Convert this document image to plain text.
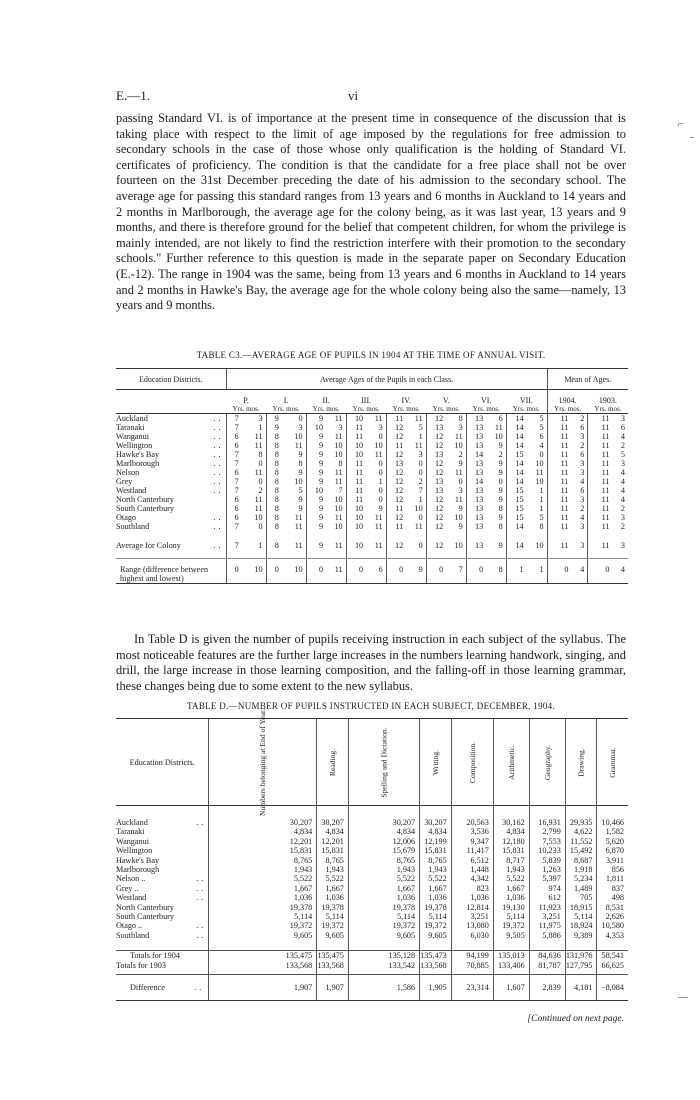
E.—1.	vi

passing Standard VI. is of importance at the present time in consequence of the discussion that is taking place with respect to the limit of age imposed by the regulations for free admission to secondary schools in the case of those whose only qualification is the holding of Standard VI. certificates of proficiency. The condition is that the candidate for a free place shall not be over fourteen on the 31st December preceding the date of his admission to the secondary school. The average age for passing this standard ranges from 13 years and 6 months in Auckland to 14 years and 2 months in Marlborough, the average age for the colony being, as it was last year, 13 years and 9 months, and there is therefore ground for the belief that competent children, for whom the privilege is mainly intended, are not likely to find the restriction interfere with their promotion to the secondary schools." Further reference to this question is made in the separate paper on Secondary Education (E.-12). The range in 1904 was the same, being from 13 years and 6 months in Auckland to 14 years and 2 months in Hawke's Bay, the average age for the whole colony being also the same—namely, 13 years and 9 months.

TABLE C3.—AVERAGE AGE OF PUPILS IN 1904 AT THE TIME OF ANNUAL VISIT.
Education Districts.		Average Ages of the Pupils in each Class.																Mean of Ages.			
		P.		I.		II.		III.		IV.		V.		VI.		VII.		1904.		1903.	
		Yrs. mos.		Yrs. mos.		Yrs. mos.		Yrs. mos.		Yrs. mos.		Yrs. mos.		Yrs. mos.		Yrs. mos.		Yrs. mos.		Yrs. mos.	
Auckland	..	7	3	9	0	9	11	10	11	11	11	12	8	13	6	14	5	11	2	11	3
Taranaki	..	7	1	9	3	10	3	11	3	12	5	13	3	13	11	14	5	11	6	11	6
Wanganui	..	6	11	8	10	9	11	11	0	12	1	12	11	13	10	14	6	11	3	11	4
Wellington	..	6	11	8	11	9	10	10	10	11	11	12	10	13	9	14	4	11	2	11	2
Hawke's Bay	..	7	8	8	9	9	10	10	11	12	3	13	2	14	2	15	0	11	6	11	5
Marlborough	..	7	0	8	8	9	8	11	0	13	0	12	9	13	9	14	10	11	3	11	3
Nelson	..	6	11	8	9	9	11	11	0	12	0	12	11	13	9	14	11	11	3	11	4
Grey	..	7	0	8	10	9	11	11	1	12	2	13	0	14	0	14	10	11	4	11	4
Westland	..	7	2	8	5	10	7	11	0	12	7	13	3	13	9	15	1	11	6	11	4
North Canterbury		6	11	8	9	9	10	11	0	12	1	12	11	13	9	15	1	11	3	11	4
South Canterbury		6	11	8	9	9	10	10	9	11	10	12	9	13	8	15	1	11	2	11	2
Otago	..	6	10	8	11	9	11	10	11	12	0	12	10	13	9	15	5	11	4	11	3
Southland	..	7	0	8	11	9	10	10	11	11	11	12	9	13	8	14	8	11	3	11	2
Average for Colony	..	7	1	8	11	9	11	10	11	12	0	12	10	13	9	14	10	11	3	11	3
Range (difference between highest and lowest)		0	10	0	10	0	11	0	6	0	9	0	7	0	8	1	1	0	4	0	4

In Table D is given the number of pupils receiving instruction in each subject of the syllabus. The most noticeable features are the further large increases in the numbers learning handwork, singing, and drill, the large increase in those learning composition, and the falling-off in those learning grammar, these changes being due to some extent to the new syllabus.

TABLE D.—NUMBER OF PUPILS INSTRUCTED IN EACH SUBJECT, DECEMBER, 1904.
Education Districts.		Numbers belonging at End of Year.	Reading.	Spelling and Dictation.	Writing.	Composition.	Arithmetic.	Geography.	Drawing.	Grammar.
Auckland	..	30,207	30,207	30,207	30,207	20,563	30,162	16,931	29,935	10,466
Taranaki		4,834	4,834	4,834	4,834	3,536	4,834	2,799	4,622	1,582
Wanganui		12,201	12,201	12,006	12,199	9,347	12,180	7,553	11,552	5,620
Wellington		15,831	15,831	15,679	15,831	11,417	15,831	10,233	15,492	6,870
Hawke's Bay		8,765	8,765	8,765	8,765	6,512	8,717	5,839	8,687	3,911
Marlborough		1,943	1,943	1,943	1,943	1,448	1,943	1,263	1,918	856
Nelson ..	..	5,522	5,522	5,522	5,522	4,342	5,522	5,397	5,234	1,811
Grey ..	..	1,667	1,667	1,667	1,667	823	1,667	974	1,489	837
Westland	..	1,036	1,036	1,036	1,036	1,036	1,036	612	705	498
North Canterbury		19,378	19,378	19,378	19,378	12,814	19,130	11,923	18,915	8,531
South Canterbury		5,114	5,114	5,114	5,114	3,251	5,114	3,251	5,114	2,626
Otago ..	..	19,372	19,372	19,372	19,372	13,080	19,372	11,975	18,924	10,580
Southland	..	9,605	9,605	9,605	9,605	6,030	9,505	5,886	9,389	4,353
Totals for 1904		135,475	135,475	135,128	135,473	94,199	135,013	84,636	131,976	58,541
Totals for 1903		133,568	133,568	133,542	133,568	70,885	133,406	81,787	127,795	66,625
Difference	..	1,907	1,907	1,586	1,905	23,314	1,607	2,839	4,181	−8,084
[Continued on next page.
⌐
-
—
